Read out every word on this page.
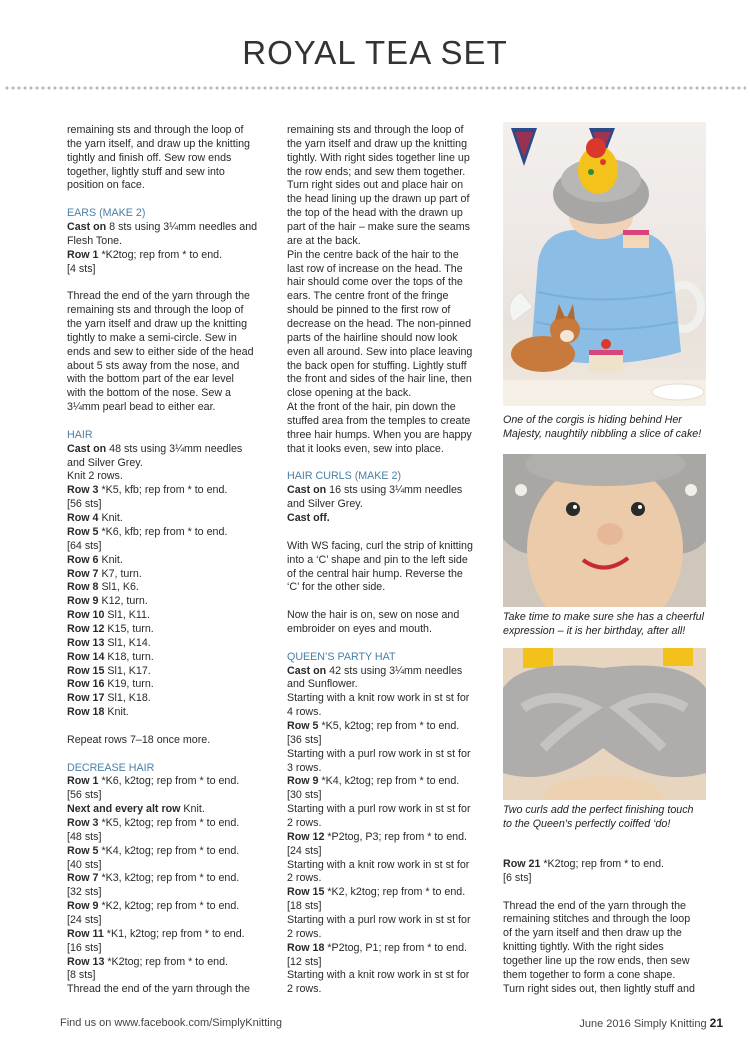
ROYAL TEA SET

remaining sts and through the loop of

the yarn itself, and draw up the knitting

tightly and finish off. Sew row ends

together, lightly stuff and sew into

position on face.

EARS (MAKE 2)

Cast on 8 sts using 3¼mm needles and

Flesh Tone.

Row 1 *K2tog; rep from * to end.

[4 sts]

Thread the end of the yarn through the

remaining sts and through the loop of

the yarn itself and draw up the knitting

tightly to make a semi-circle. Sew in

ends and sew to either side of the head

about 5 sts away from the nose, and

with the bottom part of the ear level

with the bottom of the nose. Sew a

3¼mm pearl bead to either ear.

HAIR

Cast on 48 sts using 3¼mm needles

and Silver Grey.

Knit 2 rows.

Row 3 *K5, kfb; rep from * to end.

[56 sts]

Row 4 Knit.

Row 5 *K6, kfb; rep from * to end.

[64 sts]

Row 6 Knit.

Row 7 K7, turn.

Row 8 Sl1, K6.

Row 9 K12, turn.

Row 10 Sl1, K11.

Row 12 K15, turn.

Row 13 Sl1, K14.

Row 14 K18, turn.

Row 15 Sl1, K17.

Row 16 K19, turn.

Row 17 Sl1, K18.

Row 18 Knit.

Repeat rows 7–18 once more.

DECREASE HAIR

Row 1 *K6, k2tog; rep from * to end.

[56 sts]

Next and every alt row Knit.

Row 3 *K5, k2tog; rep from * to end.

[48 sts]

Row 5 *K4, k2tog; rep from * to end.

[40 sts]

Row 7 *K3, k2tog; rep from * to end.

[32 sts]

Row 9 *K2, k2tog; rep from * to end.

[24 sts]

Row 11 *K1, k2tog; rep from * to end.

[16 sts]

Row 13 *K2tog; rep from * to end.

[8 sts]

Thread the end of the yarn through the

remaining sts and through the loop of

the yarn itself and draw up the knitting

tightly. With right sides together line up

the row ends; and sew them together.

Turn right sides out and place hair on

the head lining up the drawn up part of

the top of the head with the drawn up

part of the hair – make sure the seams

are at the back.

Pin the centre back of the hair to the

last row of increase on the head. The

hair should come over the tops of the

ears. The centre front of the fringe

should be pinned to the first row of

decrease on the head. The non-pinned

parts of the hairline should now look

even all around. Sew into place leaving

the back open for stuffing. Lightly stuff

the front and sides of the hair line, then

close opening at the back.

At the front of the hair, pin down the

stuffed area from the temples to create

three hair humps. When you are happy

that it looks even, sew into place.

HAIR CURLS (MAKE 2)

Cast on 16 sts using 3¼mm needles

and Silver Grey.

Cast off.

With WS facing, curl the strip of knitting

into a ‘C’ shape and pin to the left side

of the central hair hump. Reverse the

‘C’ for the other side.

Now the hair is on, sew on nose and

embroider on eyes and mouth.

QUEEN’S PARTY HAT

Cast on 42 sts using 3¼mm needles

and Sunflower.

Starting with a knit row work in st st for

4 rows.

Row 5 *K5, k2tog; rep from * to end.

[36 sts]

Starting with a purl row work in st st for

3 rows.

Row 9 *K4, k2tog; rep from * to end.

[30 sts]

Starting with a purl row work in st st for

2 rows.

Row 12 *P2tog, P3; rep from * to end.

[24 sts]

Starting with a knit row work in st st for

2 rows.

Row 15 *K2, k2tog; rep from * to end.

[18 sts]

Starting with a purl row work in st st for

2 rows.

Row 18 *P2tog, P1; rep from * to end.

[12 sts]

Starting with a knit row work in st st for

2 rows.

One of the corgis is hiding behind Her
Majesty, naughtily nibbling a slice of cake!
Take time to make sure she has a cheerful
expression – it is her birthday, after all!
Two curls add the perfect finishing touch
to the Queen’s perfectly coiffed ‘do!

Row 21 *K2tog; rep from * to end.

[6 sts]

Thread the end of the yarn through the

remaining stitches and through the loop

of the yarn itself and then draw up the

knitting tightly. With the right sides

together line up the row ends, then sew

them together to form a cone shape.

Turn right sides out, then lightly stuff and

Find us on www.facebook.com/SimplyKnitting	June 2016 Simply Knitting 21
